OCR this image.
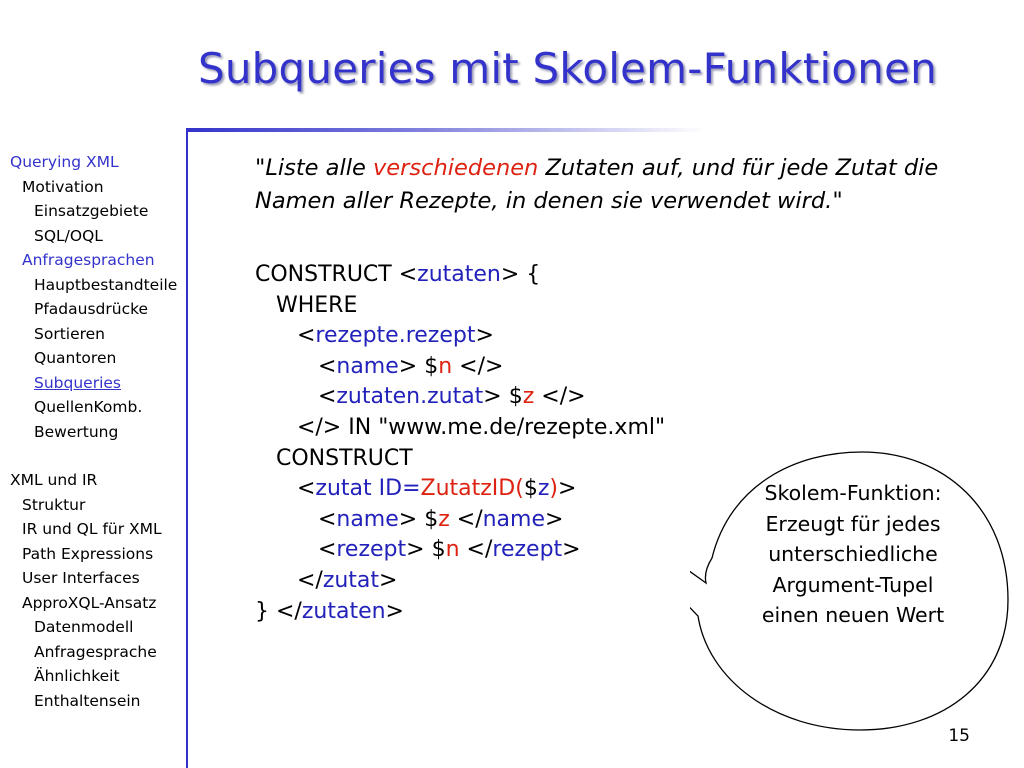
Subqueries mit Skolem-Funktionen
Querying XML
Motivation
Einsatzgebiete
SQL/OQL
Anfragesprachen
Hauptbestandteile
Pfadausdrücke
Sortieren
Quantoren
Subqueries
QuellenKomb.
Bewertung
XML und IR
Struktur
IR und QL für XML
Path Expressions
User Interfaces
ApproXQL-Ansatz
Datenmodell
Anfragesprache
Ähnlichkeit
Enthaltensein
"Liste alle verschiedenen Zutaten auf, und für jede Zutat die Namen aller Rezepte, in denen sie verwendet wird."
CONSTRUCT <zutaten> {
WHERE
<rezepte.rezept>
<name> $n </>
<zutaten.zutat> $z </>
</> IN "www.me.de/rezepte.xml"
CONSTRUCT
<zutat ID=ZutatzID($z)>
<name> $z </name>
<rezept> $n </rezept>
</zutat>
} </zutaten>
Skolem-Funktion:
Erzeugt für jedes
unterschiedliche
Argument-Tupel
einen neuen Wert
15
